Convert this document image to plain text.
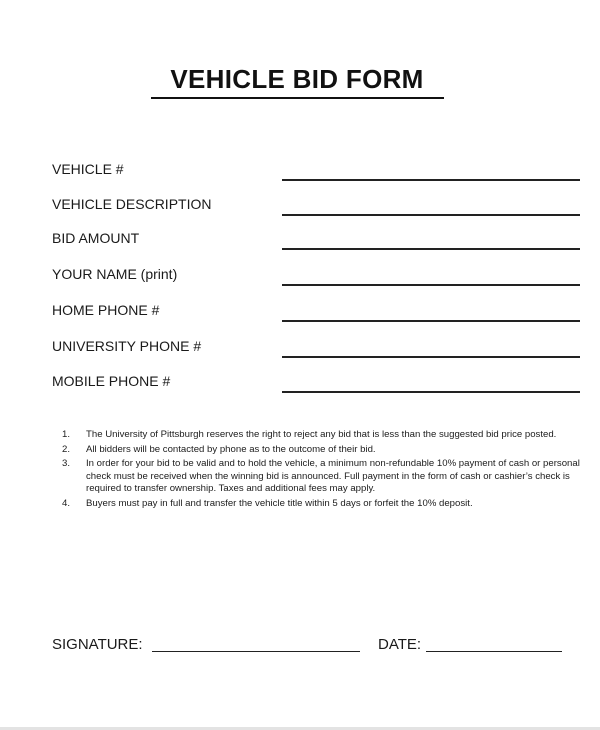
VEHICLE BID FORM
VEHICLE #
VEHICLE DESCRIPTION
BID AMOUNT
YOUR NAME (print)
HOME PHONE #
UNIVERSITY PHONE #
MOBILE PHONE #
1.	The University of Pittsburgh reserves the right to reject any bid that is less than the suggested bid price posted.
2.	All bidders will be contacted by phone as to the outcome of their bid.
3.	In order for your bid to be valid and to hold the vehicle, a minimum non-refundable 10% payment of cash or personal check must be received when the winning bid is announced. Full payment in the form of cash or cashier’s check is required to transfer ownership. Taxes and additional fees may apply.
4.	Buyers must pay in full and transfer the vehicle title within 5 days or forfeit the 10% deposit.
SIGNATURE:	DATE:
